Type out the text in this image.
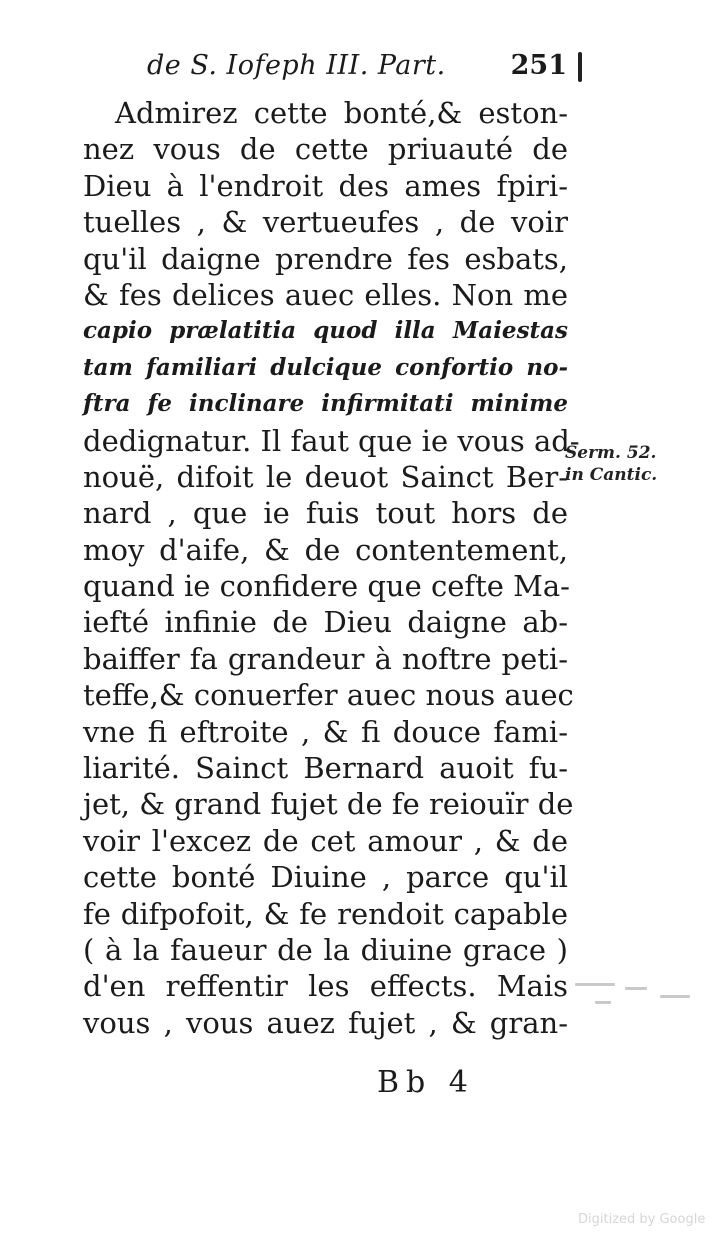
de S. Iofeph III. Part. 251
Admirez cette bonté,& eston-
nez vous de cette priuauté de
Dieu à l'endroit des ames fpiri-
tuelles , & vertueufes , de voir
qu'il daigne prendre fes esbats,
& fes delices auec elles. Non me
capio prælatitia quod illa Maiestas
tam familiari dulcique confortio no-
ftra fe inclinare infirmitati minime
dedignatur. Il faut que ie vous ad-
nouë, difoit le deuot Sainct Ber-
nard , que ie fuis tout hors de
moy d'aife, & de contentement,
quand ie confidere que cefte Ma-
iefté infinie de Dieu daigne ab-
baiffer fa grandeur à noftre peti-
teffe,& conuerfer auec nous auec
vne fi eftroite , & fi douce fami-
liarité. Sainct Bernard auoit fu-
jet, & grand fujet de fe reiouïr de
voir l'excez de cet amour , & de
cette bonté Diuine , parce qu'il
fe difpofoit, & fe rendoit capable
( à la faueur de la diuine grace )
d'en reffentir les effects. Mais
vous , vous auez fujet , & gran-
Serm. 52.
in Cantic.
Bb 4
Digitized by Google
